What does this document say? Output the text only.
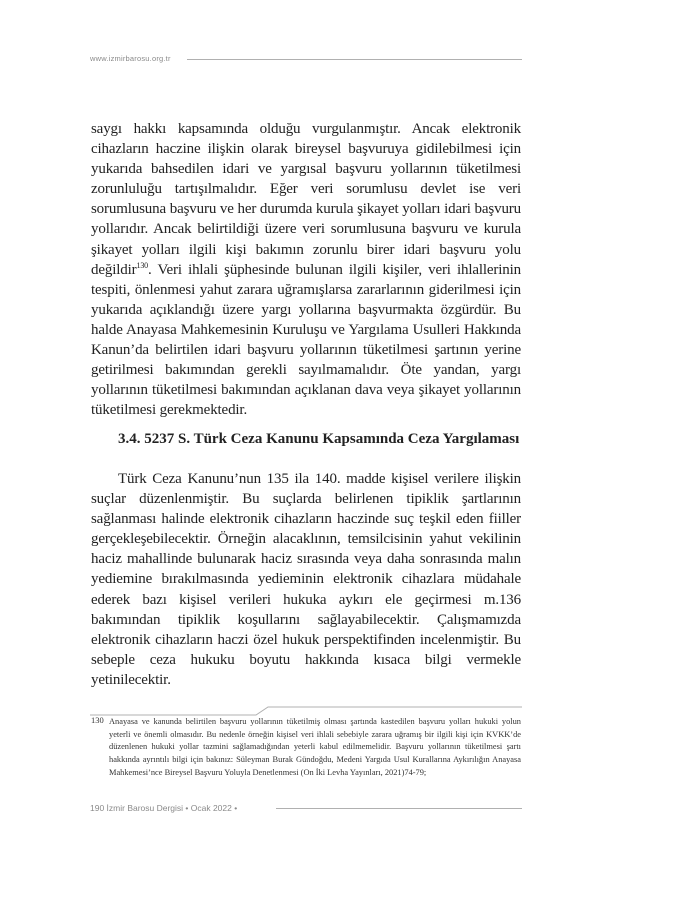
www.izmirbarosu.org.tr

saygı hakkı kapsamında olduğu vurgulanmıştır. Ancak elektronik cihazların haczine ilişkin olarak bireysel başvuruya gidilebilmesi için yukarıda bahsedilen idari ve yargısal başvuru yollarının tüketilmesi zorunluluğu tartışılmalıdır. Eğer veri sorumlusu devlet ise veri sorumlusuna başvuru ve her durumda kurula şikayet yolları idari başvuru yollarıdır. Ancak belirtildiği üzere veri sorumlusuna başvuru ve kurula şikayet yolları ilgili kişi bakımın zorunlu birer idari başvuru yolu değildir$^{130}$. Veri ihlali şüphesinde bulunan ilgili kişiler, veri ihlallerinin tespiti, önlenmesi yahut zarara uğramışlarsa zararlarının giderilmesi için yukarıda açıklandığı üzere yargı yollarına başvurmakta özgürdür. Bu halde Anayasa Mahkemesinin Kuruluşu ve Yargılama Usulleri Hakkında Kanun’da belirtilen idari başvuru yollarının tüketilmesi şartının yerine getirilmesi bakımından gerekli sayılmamalıdır. Öte yandan, yargı yollarının tüketilmesi bakımından açıklanan dava veya şikayet yollarının tüketilmesi gerekmektedir.

3.4. 5237 S. Türk Ceza Kanunu Kapsamında Ceza Yargılaması

Türk Ceza Kanunu’nun 135 ila 140. madde kişisel verilere ilişkin suçlar düzenlenmiştir. Bu suçlarda belirlenen tipiklik şartlarının sağlanması halinde elektronik cihazların haczinde suç teşkil eden fiiller gerçekleşebilecektir. Örneğin alacaklının, temsilcisinin yahut vekilinin haciz mahallinde bulunarak haciz sırasında veya daha sonrasında malın yediemine bırakılmasında yedieminin elektronik cihazlara müdahale ederek bazı kişisel verileri hukuka aykırı ele geçirmesi m.136 bakımından tipiklik koşullarını sağlayabilecektir. Çalışmamızda elektronik cihazların haczi özel hukuk perspektifinden incelenmiştir. Bu sebeple ceza hukuku boyutu hakkında kısaca bilgi vermekle yetinilecektir.

130 Anayasa ve kanunda belirtilen başvuru yollarının tüketilmiş olması şartında kastedilen başvuru yolları hukuki yolun yeterli ve önemli olmasıdır. Bu nedenle örneğin kişisel veri ihlali sebebiyle zarara uğramış bir ilgili kişi için KVKK’de düzenlenen hukuki yollar tazmini sağlamadığından yeterli kabul edilmemelidir. Başvuru yollarının tüketilmesi şartı hakkında ayrıntılı bilgi için bakınız: Süleyman Burak Gündoğdu, Medeni Yargıda Usul Kurallarına Aykırılığın Anayasa Mahkemesi’nce Bireysel Başvuru Yoluyla Denetlenmesi (On İki Levha Yayınları, 2021)74-79;

190 İzmir Barosu Dergisi • Ocak 2022 •
